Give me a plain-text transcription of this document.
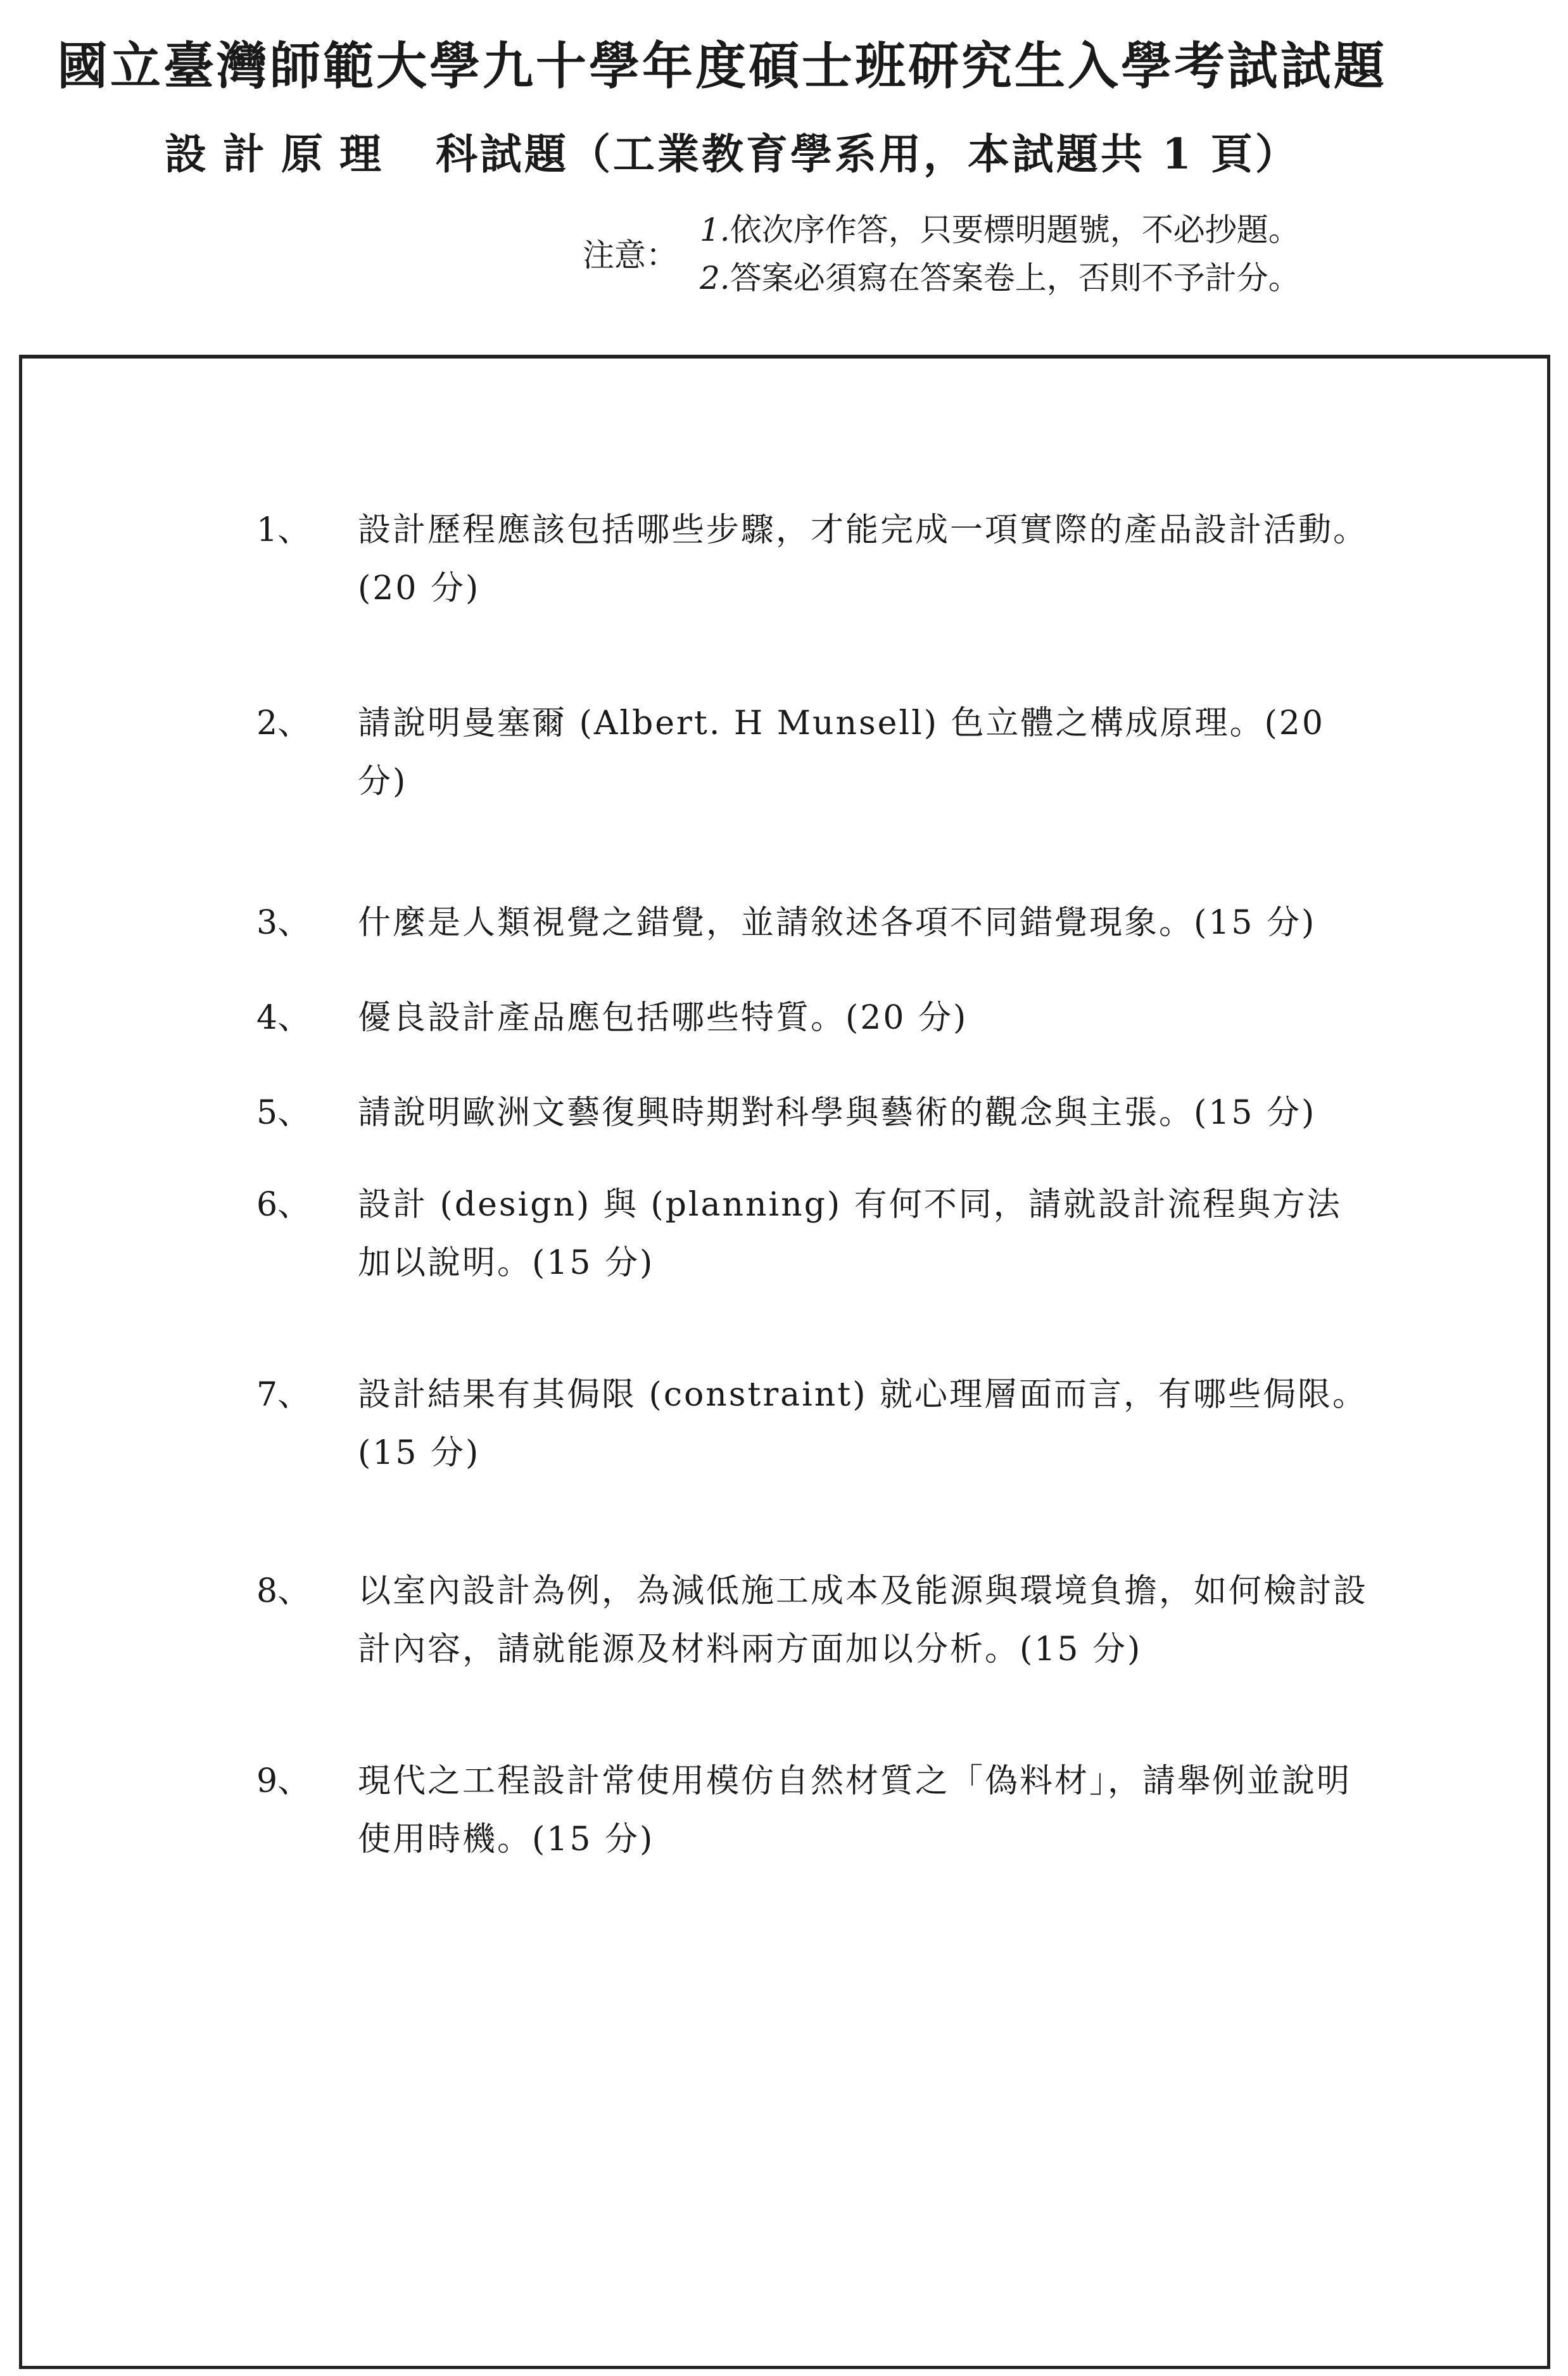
國立臺灣師範大學九十學年度碩士班研究生入學考試試題
設計原理 科試題（工業教育學系用，本試題共 1 頁）
注意：
1.依次序作答，只要標明題號，不必抄題。
2.答案必須寫在答案卷上，否則不予計分。
1、 設計歷程應該包括哪些步驟，才能完成一項實際的產品設計活動。(20 分)
2、 請說明曼塞爾 (Albert. H Munsell) 色立體之構成原理。(20 分)
3、 什麼是人類視覺之錯覺，並請敘述各項不同錯覺現象。(15 分)
4、 優良設計產品應包括哪些特質。(20 分)
5、 請說明歐洲文藝復興時期對科學與藝術的觀念與主張。(15 分)
6、 設計 (design) 與 (planning) 有何不同，請就設計流程與方法加以說明。(15 分)
7、 設計結果有其侷限 (constraint) 就心理層面而言，有哪些侷限。(15 分)
8、 以室內設計為例，為減低施工成本及能源與環境負擔，如何檢討設計內容，請就能源及材料兩方面加以分析。(15 分)
9、 現代之工程設計常使用模仿自然材質之「偽料材」，請舉例並說明使用時機。(15 分)
